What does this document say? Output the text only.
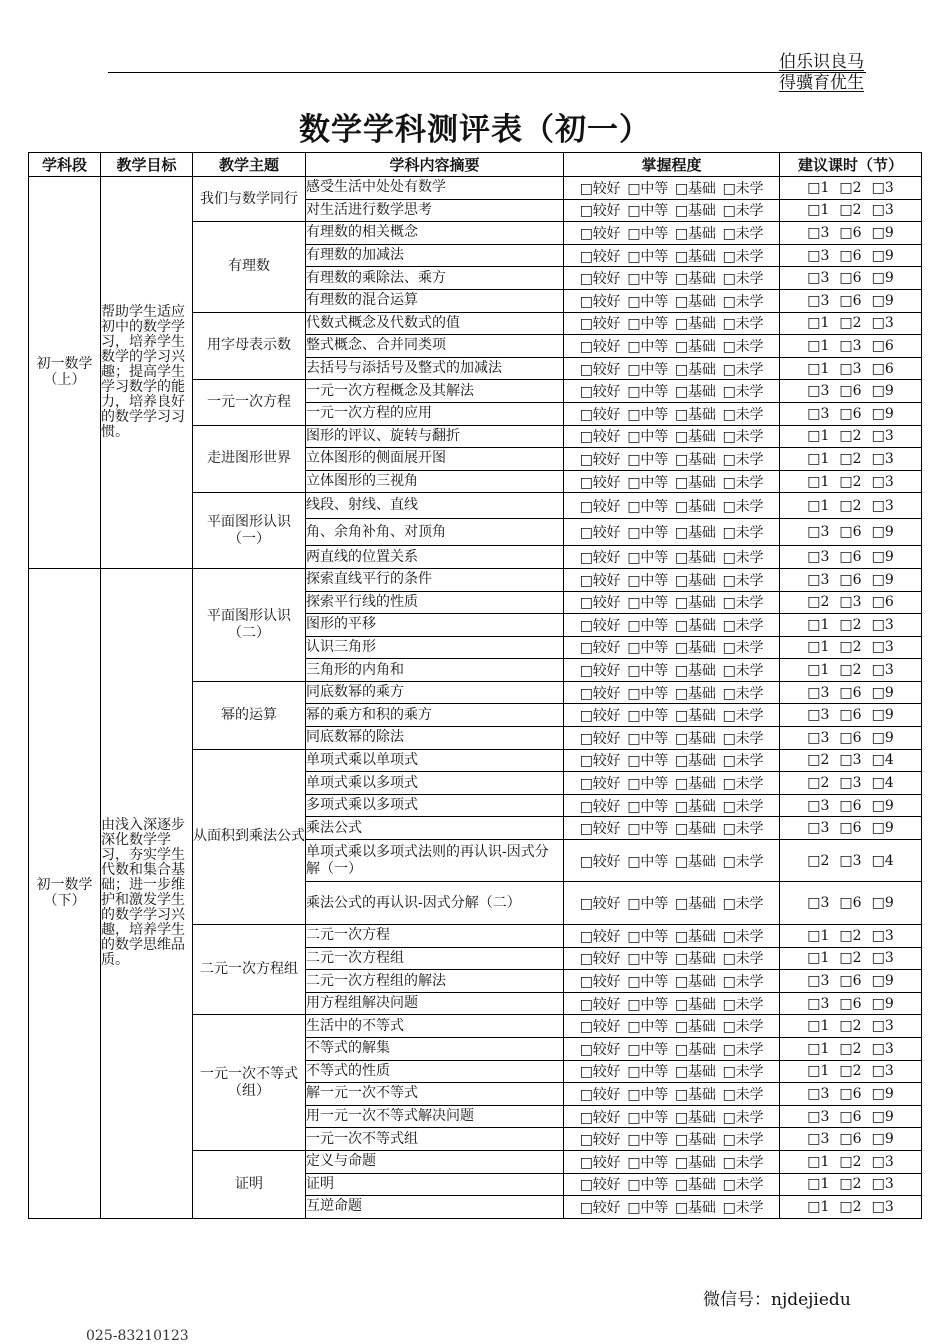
伯乐识良马
得骥育优生
数学学科测评表（初一）
学科段	教学目标	教学主题	学科内容摘要	掌握程度	建议课时（节）
初一数学（上）	帮助学生适应初中的数学学习，培养学生数学的学习兴趣；提高学生学习数学的能力，培养良好的数学学习习惯。	我们与数学同行	感受生活中处处有数学	□较好 □中等 □基础 □未学	□1 □2 □3
			对生活进行数学思考	□较好 □中等 □基础 □未学	□1 □2 □3
		有理数	有理数的相关概念	□较好 □中等 □基础 □未学	□3 □6 □9
			有理数的加减法	□较好 □中等 □基础 □未学	□3 □6 □9
			有理数的乘除法、乘方	□较好 □中等 □基础 □未学	□3 □6 □9
			有理数的混合运算	□较好 □中等 □基础 □未学	□3 □6 □9
		用字母表示数	代数式概念及代数式的值	□较好 □中等 □基础 □未学	□1 □2 □3
			整式概念、合并同类项	□较好 □中等 □基础 □未学	□1 □3 □6
			去括号与添括号及整式的加减法	□较好 □中等 □基础 □未学	□1 □3 □6
		一元一次方程	一元一次方程概念及其解法	□较好 □中等 □基础 □未学	□3 □6 □9
			一元一次方程的应用	□较好 □中等 □基础 □未学	□3 □6 □9
		走进图形世界	图形的评议、旋转与翻折	□较好 □中等 □基础 □未学	□1 □2 □3
			立体图形的侧面展开图	□较好 □中等 □基础 □未学	□1 □2 □3
			立体图形的三视角	□较好 □中等 □基础 □未学	□1 □2 □3
		平面图形认识（一）	线段、射线、直线	□较好 □中等 □基础 □未学	□1 □2 □3
			角、余角补角、对顶角	□较好 □中等 □基础 □未学	□3 □6 □9
			两直线的位置关系	□较好 □中等 □基础 □未学	□3 □6 □9
初一数学（下）	由浅入深逐步深化数学学习，夯实学生代数和集合基础；进一步维护和激发学生的数学学习兴趣，培养学生的数学思维品质。	平面图形认识（二）	探索直线平行的条件	□较好 □中等 □基础 □未学	□3 □6 □9
			探索平行线的性质	□较好 □中等 □基础 □未学	□2 □3 □6
			图形的平移	□较好 □中等 □基础 □未学	□1 □2 □3
			认识三角形	□较好 □中等 □基础 □未学	□1 □2 □3
			三角形的内角和	□较好 □中等 □基础 □未学	□1 □2 □3
		幂的运算	同底数幂的乘方	□较好 □中等 □基础 □未学	□3 □6 □9
			幂的乘方和积的乘方	□较好 □中等 □基础 □未学	□3 □6 □9
			同底数幂的除法	□较好 □中等 □基础 □未学	□3 □6 □9
		从面积到乘法公式	单项式乘以单项式	□较好 □中等 □基础 □未学	□2 □3 □4
			单项式乘以多项式	□较好 □中等 □基础 □未学	□2 □3 □4
			多项式乘以多项式	□较好 □中等 □基础 □未学	□3 □6 □9
			乘法公式	□较好 □中等 □基础 □未学	□3 □6 □9
			单项式乘以多项式法则的再认识-因式分解（一）	□较好 □中等 □基础 □未学	□2 □3 □4
			乘法公式的再认识-因式分解（二）	□较好 □中等 □基础 □未学	□3 □6 □9
		二元一次方程组	二元一次方程	□较好 □中等 □基础 □未学	□1 □2 □3
			二元一次方程组	□较好 □中等 □基础 □未学	□1 □2 □3
			二元一次方程组的解法	□较好 □中等 □基础 □未学	□3 □6 □9
			用方程组解决问题	□较好 □中等 □基础 □未学	□3 □6 □9
		一元一次不等式（组）	生活中的不等式	□较好 □中等 □基础 □未学	□1 □2 □3
			不等式的解集	□较好 □中等 □基础 □未学	□1 □2 □3
			不等式的性质	□较好 □中等 □基础 □未学	□1 □2 □3
			解一元一次不等式	□较好 □中等 □基础 □未学	□3 □6 □9
			用一元一次不等式解决问题	□较好 □中等 □基础 □未学	□3 □6 □9
			一元一次不等式组	□较好 □中等 □基础 □未学	□3 □6 □9
		证明	定义与命题	□较好 □中等 □基础 □未学	□1 □2 □3
			证明	□较好 □中等 □基础 □未学	□1 □2 □3
			互逆命题	□较好 □中等 □基础 □未学	□1 □2 □3
微信号：njdejiedu
025-83210123
